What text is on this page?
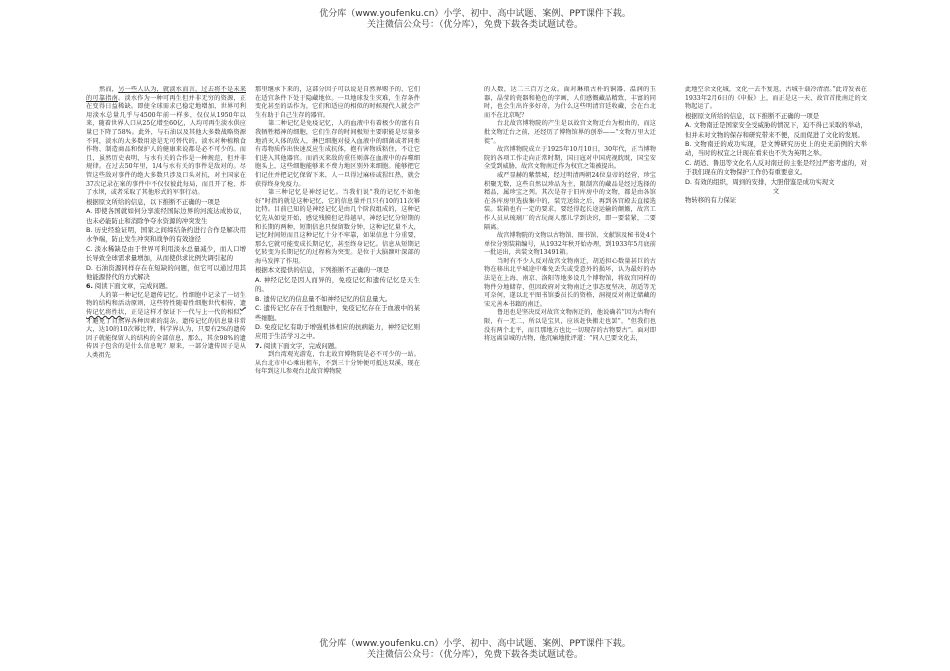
优分库（www.youfenku.cn）小学、初中、高中试题、案例、PPT课件下载。
关注微信公众号：（优分库），免费下载各类试题试卷。

然而，另一些人认为，就淡水而言，过去将不是未来的可靠指南。淡水作为一种可再生但并非无穷的资源，正在变得日益稀缺。即使全球需求已稳定地增加，世界可利用淡水总量几乎与4500年前一样多，仅仅从1950年以来，随着世界人口从25亿增至60亿，人均可再生淡水供应量已下降了58%。此外，与石油以及其他大多数战略资源不同，淡水的大多数用途是无可替代的。淡水对种植粮食作物、制造商品和保护人的健康来说都是必不可少的。而且，虽然历史表明，与水有关的合作是一种规范，但并非规律。在过去50年里，1/4与水有关的事件是敌对的。尽管这些敌对事件的绝大多数只涉及口头对抗，对主国家在37次记录在案的事件中不仅仅彼此每局，而且开了枪、炸了水坝，或者采取了其他形式的军事行动。

根据原文所给的信息，以下推断不正确的一项是
A. 即使各国就如何分享流经国际边界的河流达成协议，也未必能防止和消除争夺水资源的冲突发生
B. 历史经验证明，国家之间缔结条约进行合作是解决用水争端，防止发生冲突和战争的有效途径
C. 淡水稀缺是由于世界可利用淡水总量减少，而人口增长导致全球需求量增加，从而使供求比例失调引起的
D. 石油资源同样存在在短缺的问题，但它可以通过用其他能源替代的方式解决
6. 阅读下面文章，完成问题。

人的第一种记忆是遗传记忆。性细胞中记录了一切生物的结构和活动原则，这些特性随着性细胞世代相传，遗传记忆将性状，正是这样才保证下一代与上一代的相似，才避免了自然界各种因素的混杂。遗传记忆的信息量非常大，达10的10次幂比特，科学界认为，只要有2%的遗传因子就能保留人的结构的全部信息，那么，其余98%的遗传因子包含的是什么信息呢？原来，一部分遗传因子是从人类祖先

那里继承下来的，这部分因子可以说是自然界赐予的，它们在适宜条件下处于隐藏地位。一旦地球发生灾难，生存条件变化甚至的话作为，它们和适应的相似的时候现代人就会产生有助于自己生存的器官。

第二种记忆是免疫记忆，人的血液中有着极少的富有自我牺牲精神的细胞，它们生存的时间极短主要职能是尽量多地消灭人体的敌人，淋巴细胞对侵入血液中的细菌或者同类有毒物质作出快速反应生成抗体，抱有害物质粘住，不让它们进入其他器官。而消灭来敌的重任则落在血液中的吞噬细胞头上，这些细胞能够来不费力地区别外来细胞。能够把它们记住并把记忆保留下来，人一旦得过麻疹或猩红热，就会获得终身免疫力。

第三种记忆是神经记忆。当我们说“我的记忆不如他好”时指的就是这种记忆，它的信息量并且只有10的11次幂比特。目前已知的是神经记忆是由几个阶段组成的，这种记忆先从如觉开始，感觉残膜但记得越早，神经记忆分短期的和长期的两种，短期信息只保留数分钟，这种记忆量不大，记忆时间短而且这种记忆十分不牢靠，如果信息十分重要，那么它就可能变成长期记忆，甚至终身记忆。信息从短期记忆转变为长期记忆的过程称为突变。是位于大脑颞叶深部的海马发挥了作用。

根据本文提供的信息，下列推断不正确的一项是
A. 神经记忆是因人而异的，免疫记忆和遗传记忆是天生的。
B. 遗传记忆的信息量不如神经记忆的信息量大。
C. 遗传记忆存在于性细胞中，免疫记忆存在于血液中的某些细胞。
D. 免疫记忆有助于增强机体相应的抗病能力，神经记忆则应用于生活学习之中。
7. 阅读下面文字，完成问题。

到台湾观光游览，台北故宫博物院是必不可少的一站。从台北市中心乘出租车，不到三十分钟便可抵达双溪，现在每年到这儿参观台北故宫博物院

的人数，达二三百万之众。面对琳琅古朴的铜器、温润的玉器，晶莹的瓷器和艳色的字画，人们感慨藏品精致、丰富的同时，也会生出许多好奇，为什么这些明清宫廷收藏，会在台北而不在北京呢？

台北故宫博物院的产生是以故宫文物迁台为根由的，而这批文物迁台之前，还经历了博物馆界的创举——“文物万里大迁徙”。

故宫博物院成立于1925年10月10日，30年代，正当博物院的各项工作走向正常时期，国日寇对中国虎视眈眈，国宝安全受到威胁，故宫文物南迁作为权宜之策被提出。

威严显赫的紫禁城，经过明清两朝24位皇帝的经营，珍宝积聚无数，这些自然以珍品为主，限制宫的藏品是经过选择的精品，属珍宝之列。其次是存于旧库房中的文物，都是由各馆在各库房里选拔集中的，装完送给之后，再到各宫殿去直接选装。装箱也有一定的要求，要经得起长途运输的颠簸，故宫工作人员从琉璃厂的古玩商人那儿学到诀窍，即一要装紧，二要隔离。

故宫博物院的文物以古物馆、图书馆、文献馆及秘书处4个单位分别装箱编号，从1932年秋开始办理，到1933年5月底前一批运出，共装文物13491箱。

当时有不少人反对故宫文物南迁，胡适担心数量甚巨的古物在移出北平城途中难免丢失或受意外的损坏，认为最好的办法是在上海、南京、洛阳等地多设几个博物馆，将故宫同样的物件分地储存，但因政府对文物南迁之事态度坚决，胡适等无可奈何，遂以北平图书馆委员长的资格，洞视反对南迁储藏的宋元善本书籍的南迁。

鲁迅也是坚决反对故宫文物南迁的，他说确若“因为古物有限，有一无二，所以是宝贝，应该赶快搬走也罢”，“但我们也没有两个北平，而且那地方也比一切现存的古物要古”。面对即将远离皇城的古物，他沉痛地批评道：“同人已要文化去，

此地空余文化城，文化一去不复返，古城千载冷清清。”此诗发表在1933年2月6日的《申报》上，而正是这一天，故宫首批南迁的文物起运了。

根据原文所给的信息，以下推断不正确的一项是
A. 文物南迁是国家安全受威胁的情况下，迫不得已采取的举动，但并未对文物的保存和研究带来不便，反而促进了文化的发展。
B. 文物南迁的成功实现，是文博研究历史上的史无前例的大举动，当时的权宜之计现在看来也不失为英明之举。
C. 胡适、鲁迅等文化名人反对南迁的主张是经过严密考虑的，对于我们现在的文物保护工作仍有重要意义。
D. 有效的组织，周到的安排，大胆借鉴是成功实现文
文
物转移的有力保证
优分库（www.youfenku.cn）小学、初中、高中试题、案例、PPT课件下载。
关注微信公众号：（优分库），免费下载各类试题试卷。
